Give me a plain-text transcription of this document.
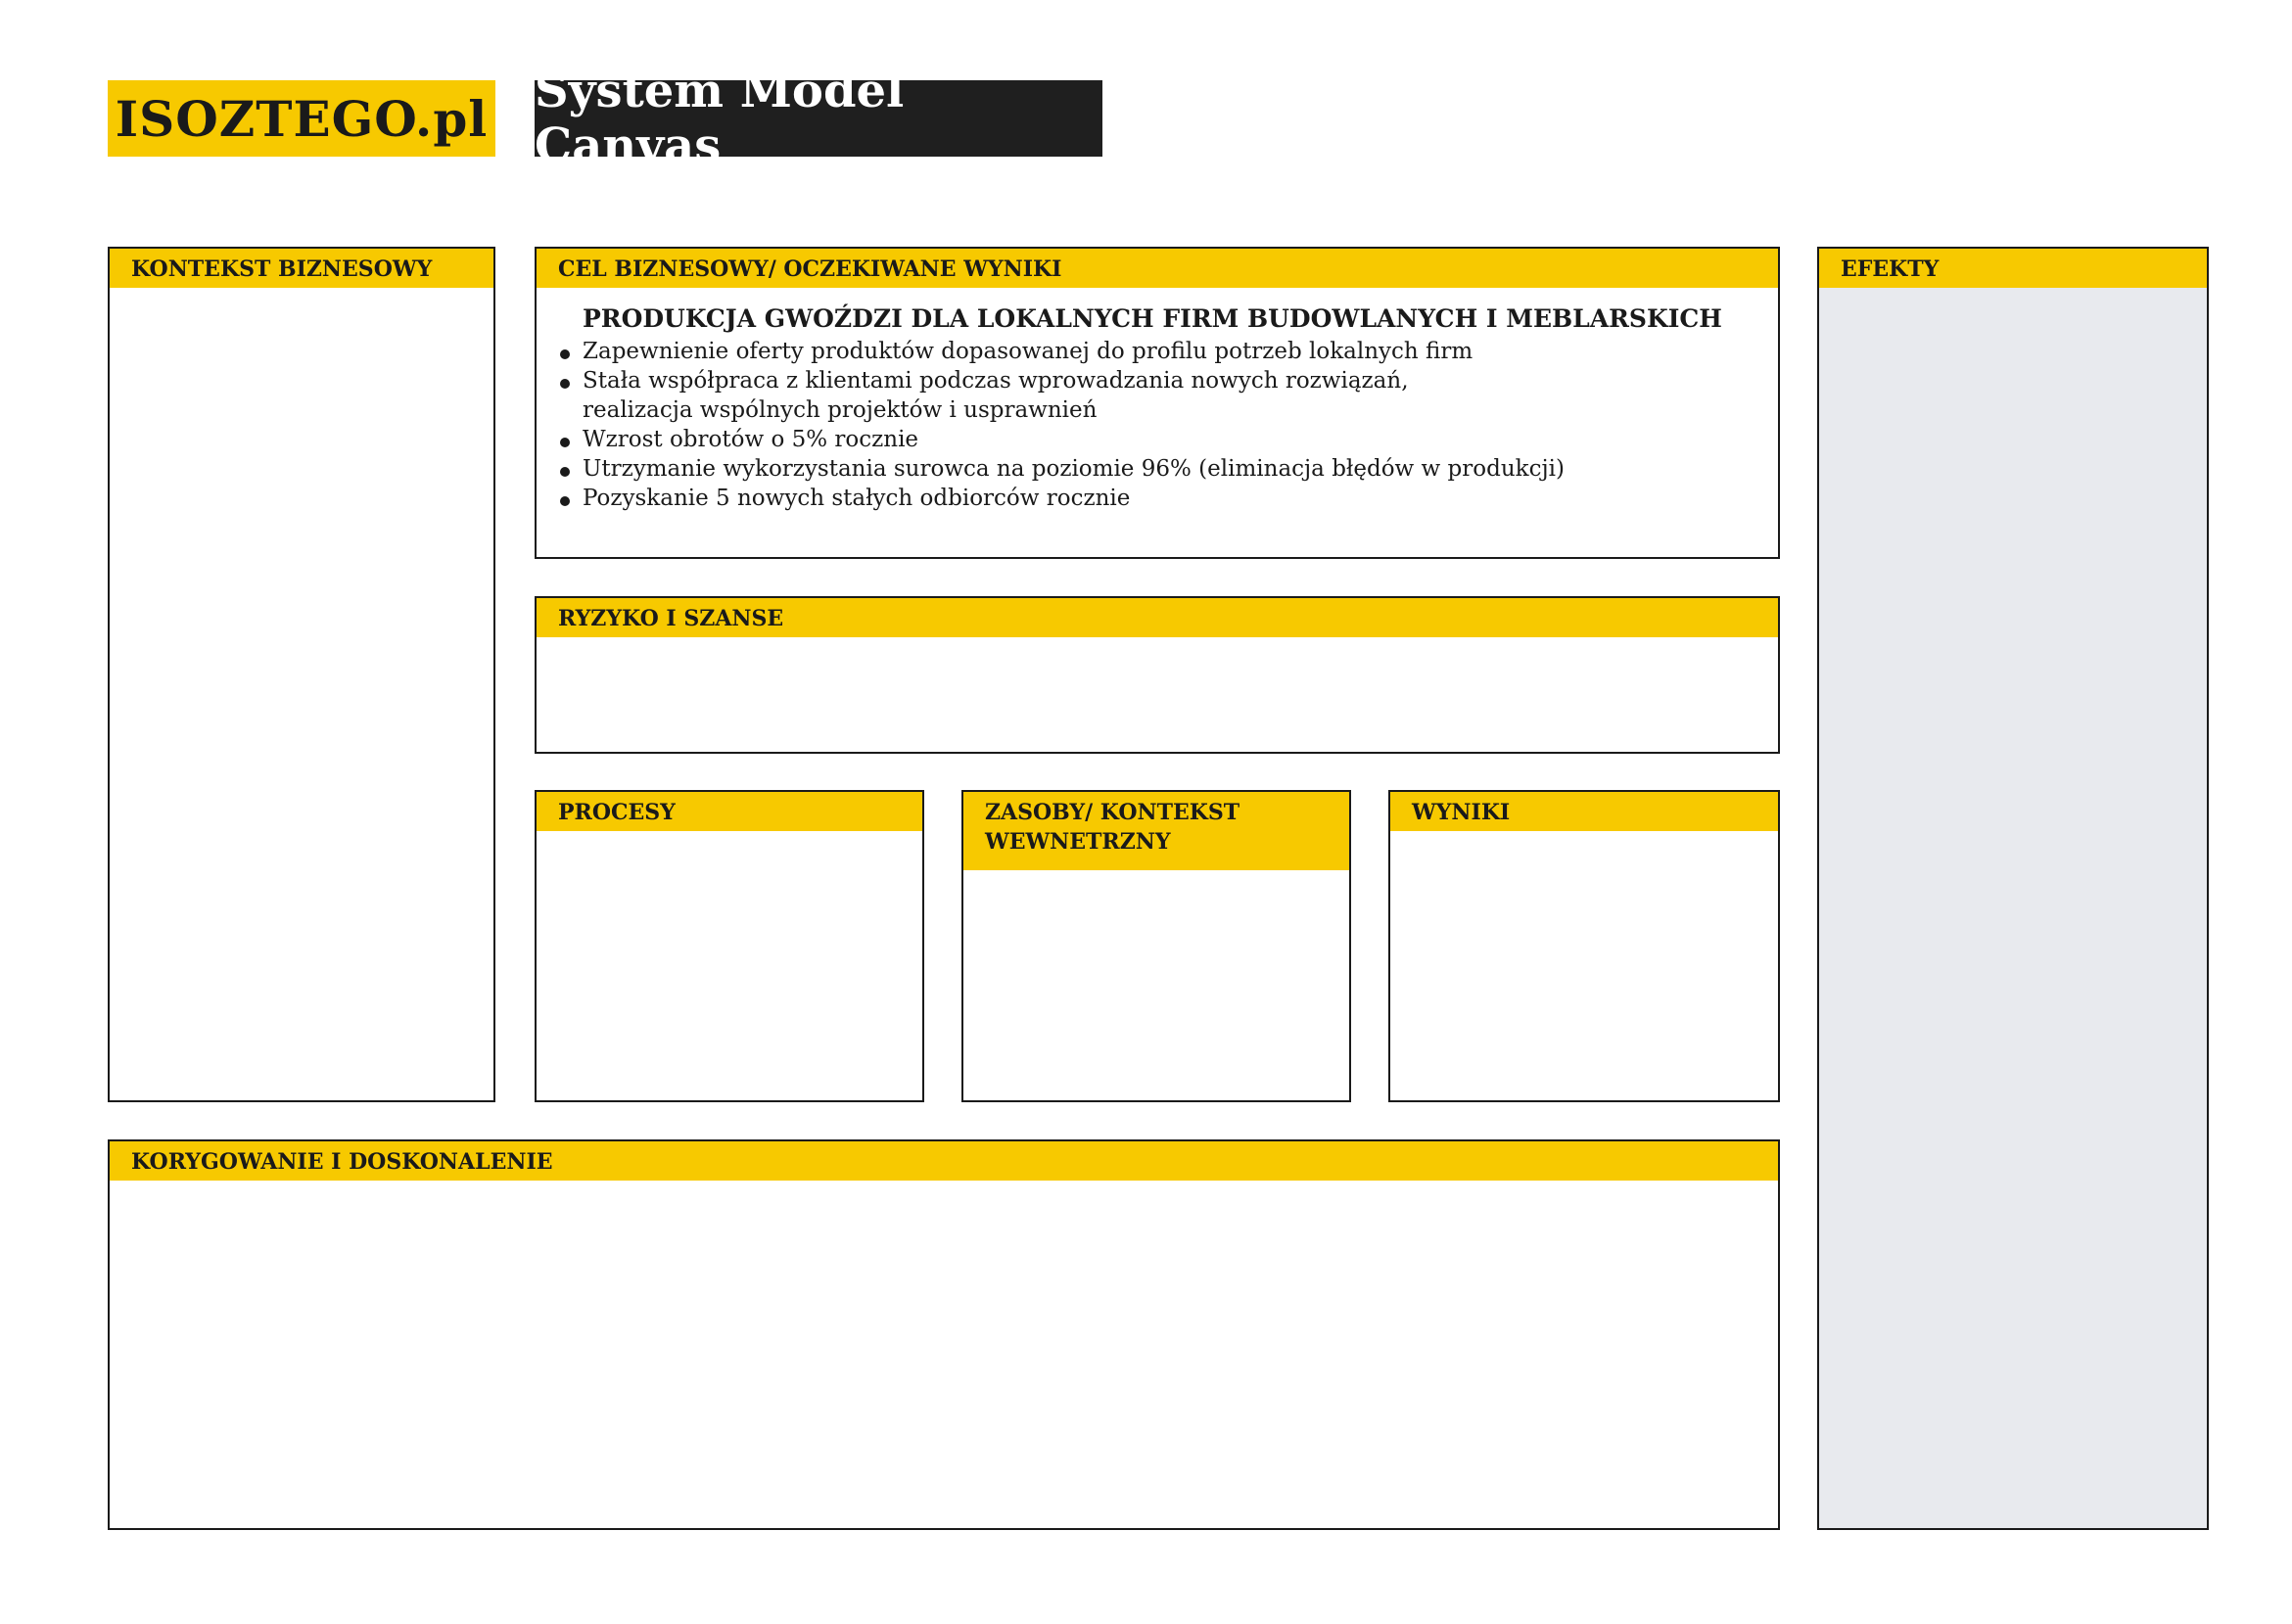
ISOZTEGO.pl System Model Canvas
KONTEKST BIZNESOWY	CEL BIZNESOWY/ OCZEKIWANE WYNIKI
PRODUKCJA GWOŹDZI DLA LOKALNYCH FIRM BUDOWLANYCH I MEBLARSKICH
Zapewnienie oferty produktów dopasowanej do profilu potrzeb lokalnych firm
Stała współpraca z klientami podczas wprowadzania nowych rozwiązań, realizacja wspólnych projektów i usprawnień
Wzrost obrotów o 5% rocznie
Utrzymanie wykorzystania surowca na poziomie 96% (eliminacja błędów w produkcji)
Pozyskanie 5 nowych stałych odbiorców rocznie
RYZYKO I SZANSE
PROCESY	ZASOBY/ KONTEKST WEWNETRZNY
WYNIKI
KORYGOWANIE I DOSKONALENIE
EFEKTY
